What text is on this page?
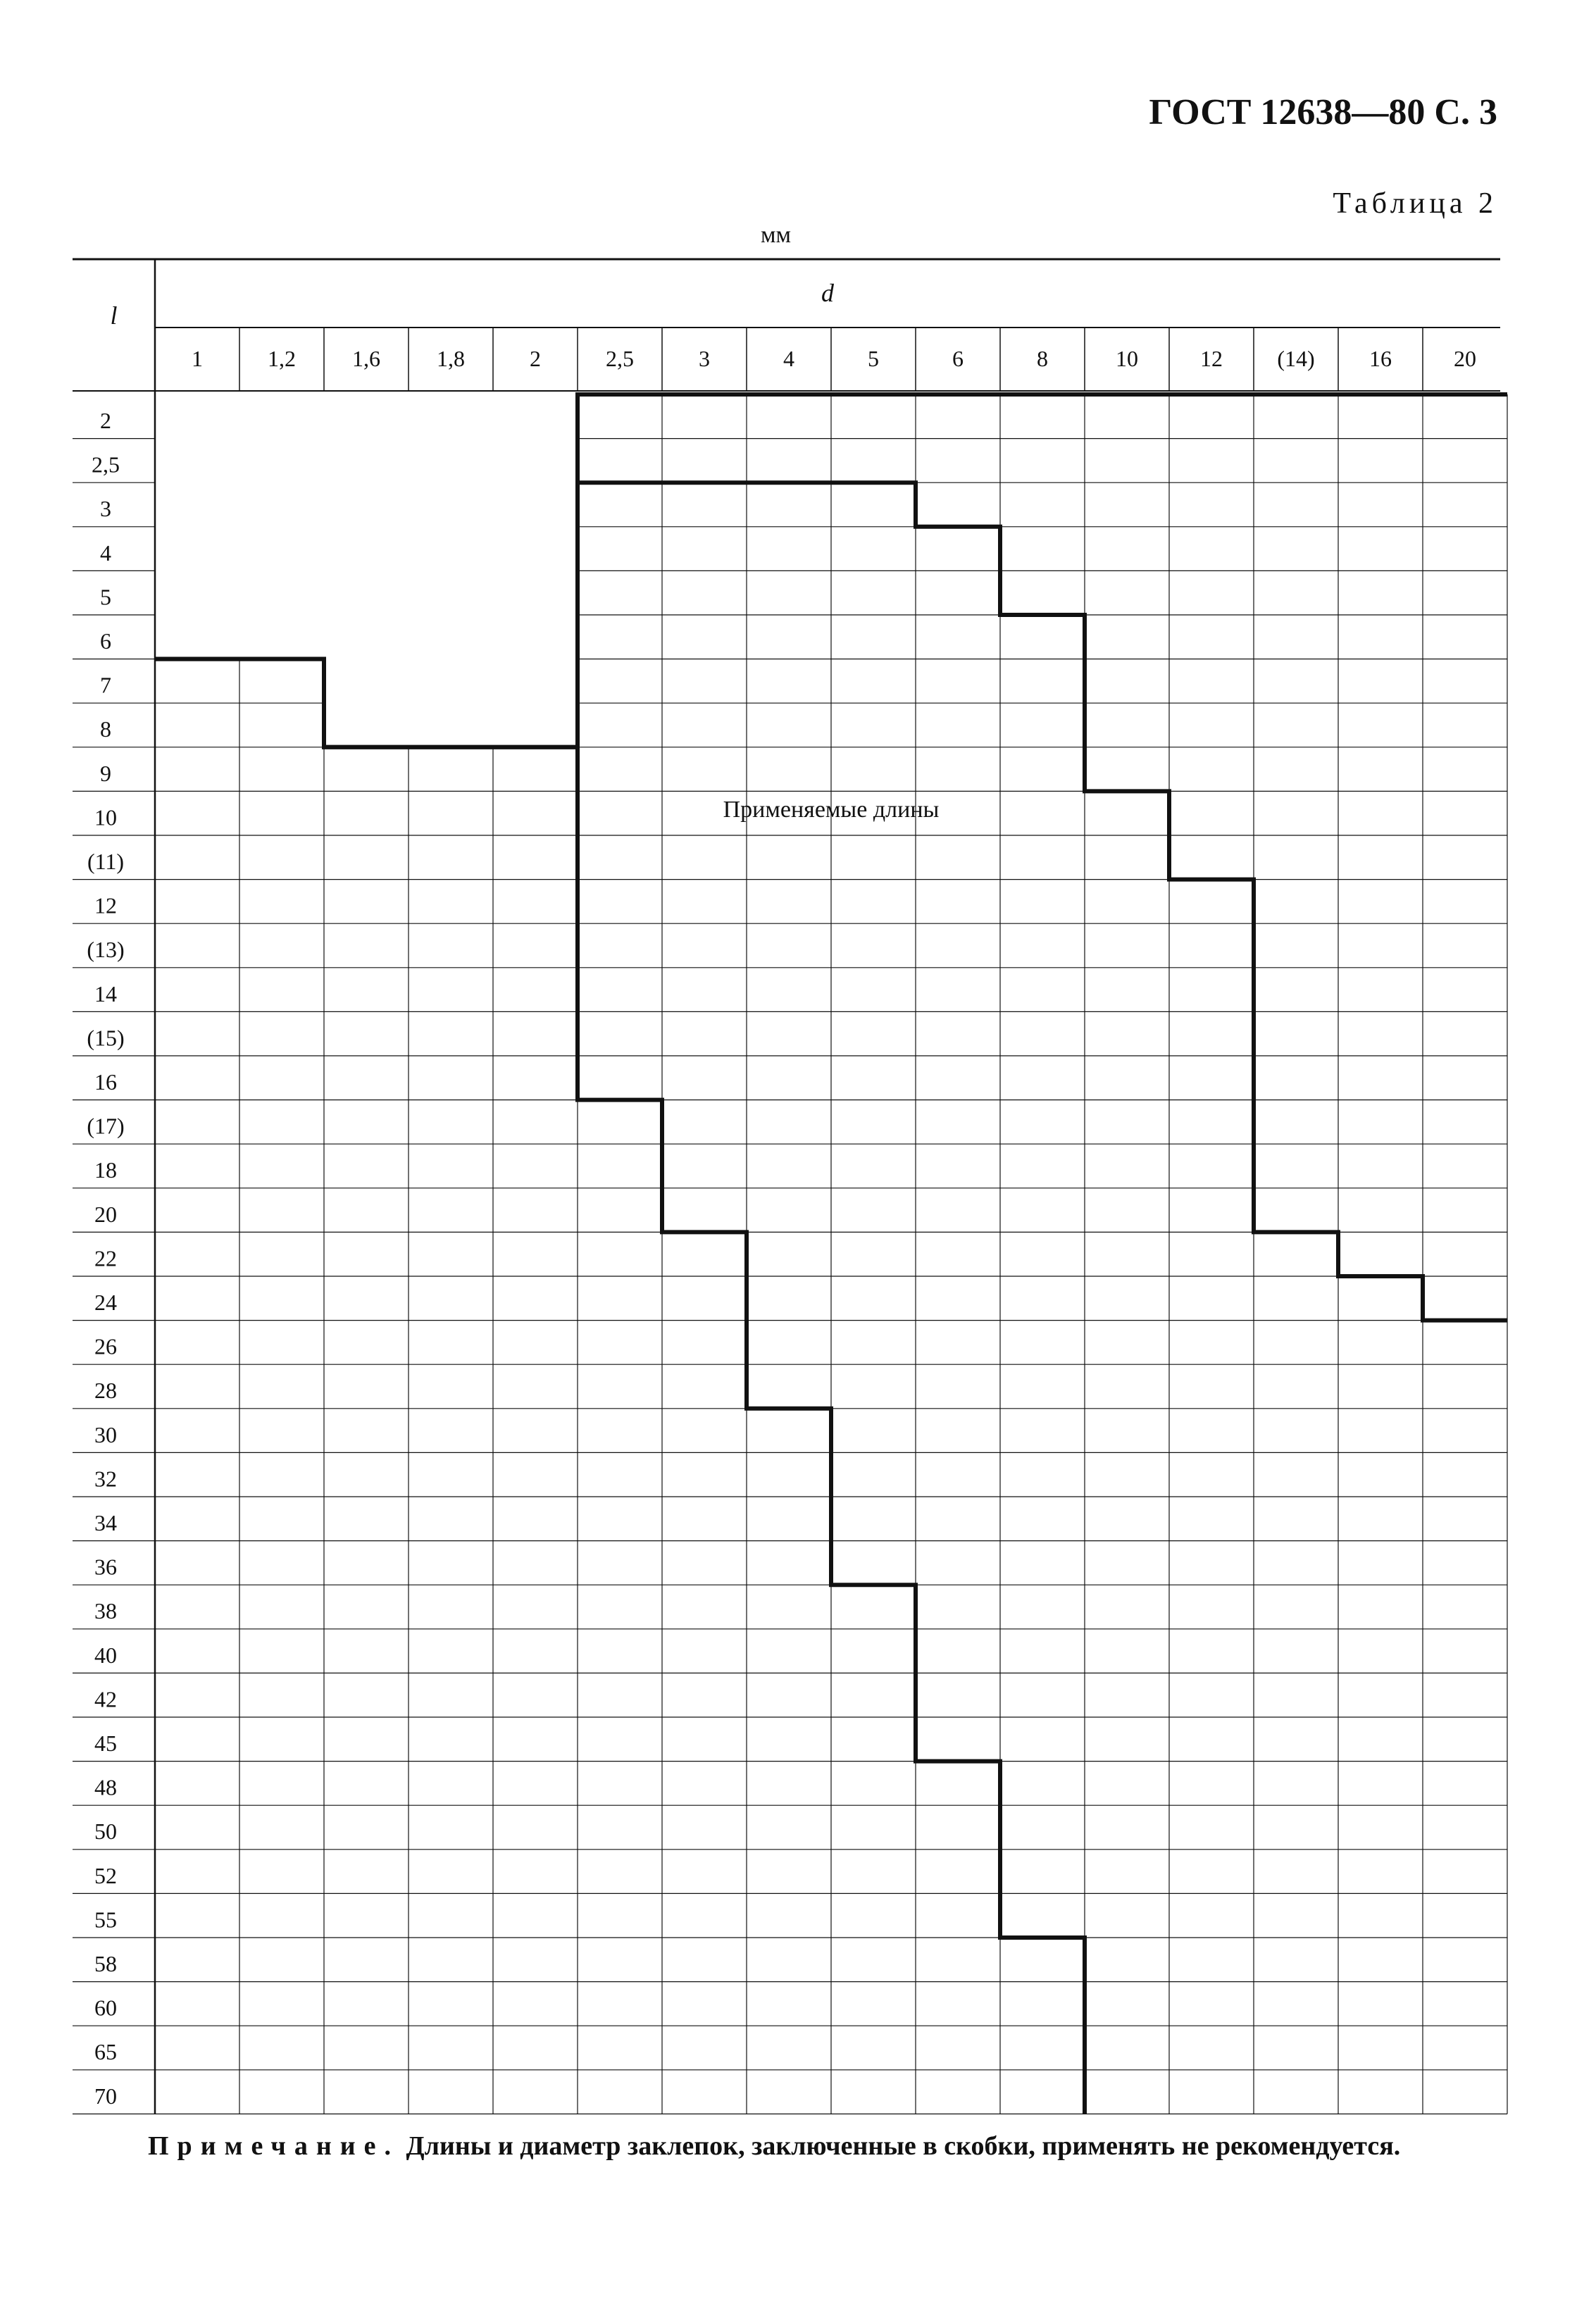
ГОСТ 12638—80 С. 3
Таблица 2
мм
l
d
1	1,2	1,6	1,8	2	2,5	3	4	5	6	8	10	12 (14) 16	20
2
2,5
3
4
5
6
7
8
9
10
(11)
12
(13)
14
(15)
16
(17)
18
20
22
24
26
28
30
32
34
36
38
40
42
45
48
50
52
55
58
60
65
70
Применяемые длины
Примечание. Длины и диаметр заклепок, заключенные в скобки, применять не рекомендуется.
